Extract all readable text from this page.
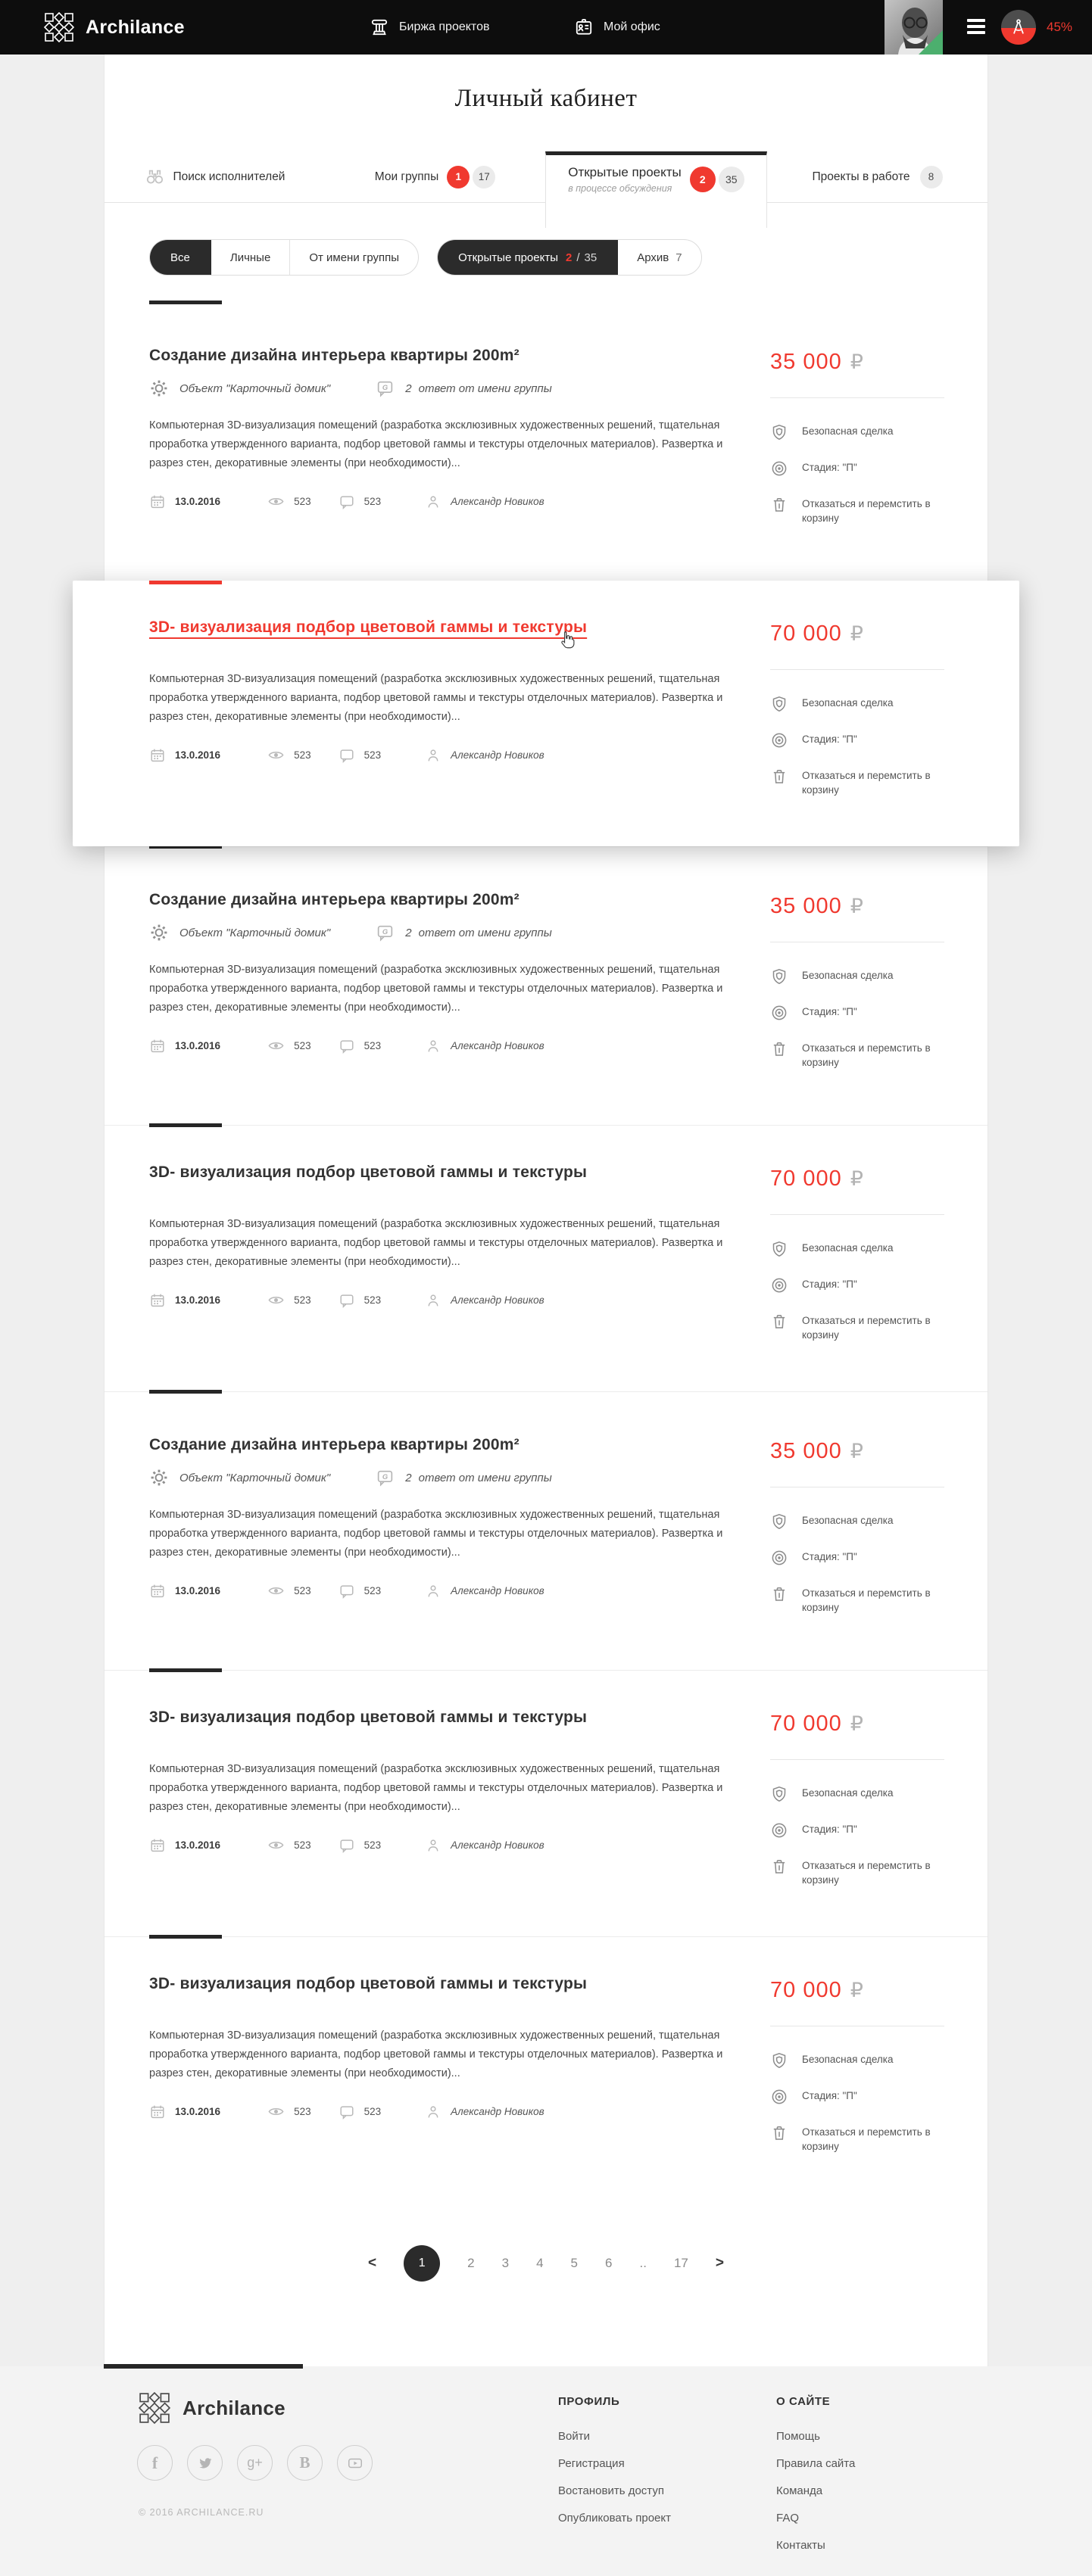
Archilance	Биржа проектов	Мой офис	45%
Личный кабинет
Поиск исполнителей	Мои группы	1	17	Открытые проекты
в процессе обсуждения
2	35	Проекты в работе	8
Все	Личные	От имени группы	Открытые проекты 2 / 35	Архив 7
Создание дизайна интерьера квартиры 200m²
Объект "Карточный домик"	G 2 ответ от имени группы

Компьютерная 3D-визуализация помещений (разработка эксклюзивных художественных решений, тщательная проработка утвержденного варианта, подбор цветовой гаммы и текстуры отделочных материалов). Развертка и разрез стен, декоративные элементы (при необходимости)...

13.0.2016	523	523	Александр Новиков
35 000 ₽
Безопасная сделка
Стадия: "П"
Отказаться и перемстить в корзину
3D- визуализация подбор цветовой гаммы и текстуры

Компьютерная 3D-визуализация помещений (разработка эксклюзивных художественных решений, тщательная проработка утвержденного варианта, подбор цветовой гаммы и текстуры отделочных материалов). Развертка и разрез стен, декоративные элементы (при необходимости)...

13.0.2016	523	523	Александр Новиков
70 000 ₽
Безопасная сделка
Стадия: "П"
Отказаться и перемстить в корзину
Создание дизайна интерьера квартиры 200m²
Объект "Карточный домик"	G 2 ответ от имени группы

Компьютерная 3D-визуализация помещений (разработка эксклюзивных художественных решений, тщательная проработка утвержденного варианта, подбор цветовой гаммы и текстуры отделочных материалов). Развертка и разрез стен, декоративные элементы (при необходимости)...

13.0.2016	523	523	Александр Новиков
35 000 ₽
Безопасная сделка
Стадия: "П"
Отказаться и перемстить в корзину
3D- визуализация подбор цветовой гаммы и текстуры

Компьютерная 3D-визуализация помещений (разработка эксклюзивных художественных решений, тщательная проработка утвержденного варианта, подбор цветовой гаммы и текстуры отделочных материалов). Развертка и разрез стен, декоративные элементы (при необходимости)...

13.0.2016	523	523	Александр Новиков
70 000 ₽
Безопасная сделка
Стадия: "П"
Отказаться и перемстить в корзину
Создание дизайна интерьера квартиры 200m²
Объект "Карточный домик"	G 2 ответ от имени группы

Компьютерная 3D-визуализация помещений (разработка эксклюзивных художественных решений, тщательная проработка утвержденного варианта, подбор цветовой гаммы и текстуры отделочных материалов). Развертка и разрез стен, декоративные элементы (при необходимости)...

13.0.2016	523	523	Александр Новиков
35 000 ₽
Безопасная сделка
Стадия: "П"
Отказаться и перемстить в корзину
3D- визуализация подбор цветовой гаммы и текстуры

Компьютерная 3D-визуализация помещений (разработка эксклюзивных художественных решений, тщательная проработка утвержденного варианта, подбор цветовой гаммы и текстуры отделочных материалов). Развертка и разрез стен, декоративные элементы (при необходимости)...

13.0.2016	523	523	Александр Новиков
70 000 ₽
Безопасная сделка
Стадия: "П"
Отказаться и перемстить в корзину
3D- визуализация подбор цветовой гаммы и текстуры

Компьютерная 3D-визуализация помещений (разработка эксклюзивных художественных решений, тщательная проработка утвержденного варианта, подбор цветовой гаммы и текстуры отделочных материалов). Развертка и разрез стен, декоративные элементы (при необходимости)...

13.0.2016	523	523	Александр Новиков
70 000 ₽
Безопасная сделка
Стадия: "П"
Отказаться и перемстить в корзину
<	1	2 3 4 5 6 .. 17 >
Archilance
f	g+ B
© 2016 ARCHILANCE.RU
ПРОФИЛЬ
Войти
Регистрация
Востановить доступ
Опубликовать проект
О САЙТЕ
Помощь
Правила сайта
Команда
FAQ
Контакты
